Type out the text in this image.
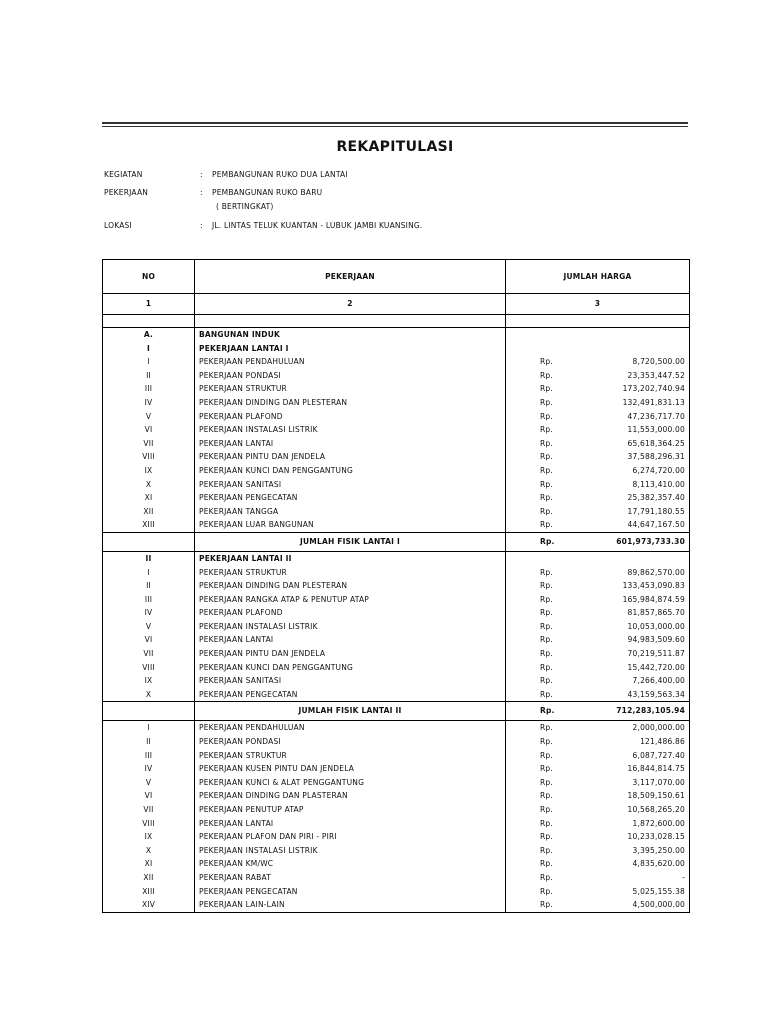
REKAPITULASI
KEGIATAN	: PEMBANGUNAN RUKO DUA LANTAI
PEKERJAAN	: PEMBANGUNAN RUKO BARU
( BERTINGKAT)
LOKASI	: JL. LINTAS TELUK KUANTAN - LUBUK JAMBI KUANSING.
NO	PEKERJAAN	JUMLAH HARGA	
1	2	3	

A.	BANGUNAN INDUK		
I	PEKERJAAN LANTAI I		
I	PEKERJAAN PENDAHULUAN	Rp.	8,720,500.00
II	PEKERJAAN PONDASI	Rp.	23,353,447.52
III	PEKERJAAN STRUKTUR	Rp.	173,202,740.94
IV	PEKERJAAN DINDING DAN PLESTERAN	Rp.	132,491,831.13
V	PEKERJAAN PLAFOND	Rp.	47,236,717.70
VI	PEKERJAAN INSTALASI LISTRIK	Rp.	11,553,000.00
VII	PEKERJAAN LANTAI	Rp.	65,618,364.25
VIII	PEKERJAAN PINTU DAN JENDELA	Rp.	37,588,296.31
IX	PEKERJAAN KUNCI DAN PENGGANTUNG	Rp.	6,274,720.00
X	PEKERJAAN SANITASI	Rp.	8,113,410.00
XI	PEKERJAAN PENGECATAN	Rp.	25,382,357.40
XII	PEKERJAAN TANGGA	Rp.	17,791,180.55
XIII	PEKERJAAN LUAR BANGUNAN	Rp.	44,647,167.50
	JUMLAH FISIK LANTAI I	Rp.	601,973,733.30
II	PEKERJAAN LANTAI II		
I	PEKERJAAN STRUKTUR	Rp.	89,862,570.00
II	PEKERJAAN DINDING DAN PLESTERAN	Rp.	133,453,090.83
III	PEKERJAAN RANGKA ATAP & PENUTUP ATAP	Rp.	165,984,874.59
IV	PEKERJAAN PLAFOND	Rp.	81,857,865.70
V	PEKERJAAN INSTALASI LISTRIK	Rp.	10,053,000.00
VI	PEKERJAAN LANTAI	Rp.	94,983,509.60
VII	PEKERJAAN PINTU DAN JENDELA	Rp.	70,219,511.87
VIII	PEKERJAAN KUNCI DAN PENGGANTUNG	Rp.	15,442,720.00
IX	PEKERJAAN SANITASI	Rp.	7,266,400.00
X	PEKERJAAN PENGECATAN	Rp.	43,159,563.34
	JUMLAH FISIK LANTAI II	Rp.	712,283,105.94
I	PEKERJAAN PENDAHULUAN	Rp.	2,000,000.00
II	PEKERJAAN PONDASI	Rp.	121,486.86
III	PEKERJAAN STRUKTUR	Rp.	6,087,727.40
IV	PEKERJAAN KUSEN PINTU DAN JENDELA	Rp.	16,844,814.75
V	PEKERJAAN KUNCI & ALAT PENGGANTUNG	Rp.	3,117,070.00
VI	PEKERJAAN DINDING DAN PLASTERAN	Rp.	18,509,150.61
VII	PEKERJAAN PENUTUP ATAP	Rp.	10,568,265.20
VIII	PEKERJAAN LANTAI	Rp.	1,872,600.00
IX	PEKERJAAN PLAFON DAN PIRI - PIRI	Rp.	10,233,028.15
X	PEKERJAAN INSTALASI LISTRIK	Rp.	3,395,250.00
XI	PEKERJAAN KM/WC	Rp.	4,835,620.00
XII	PEKERJAAN RABAT	Rp.	-
XIII	PEKERJAAN PENGECATAN	Rp.	5,025,155.38
XIV	PEKERJAAN LAIN-LAIN	Rp.	4,500,000.00
